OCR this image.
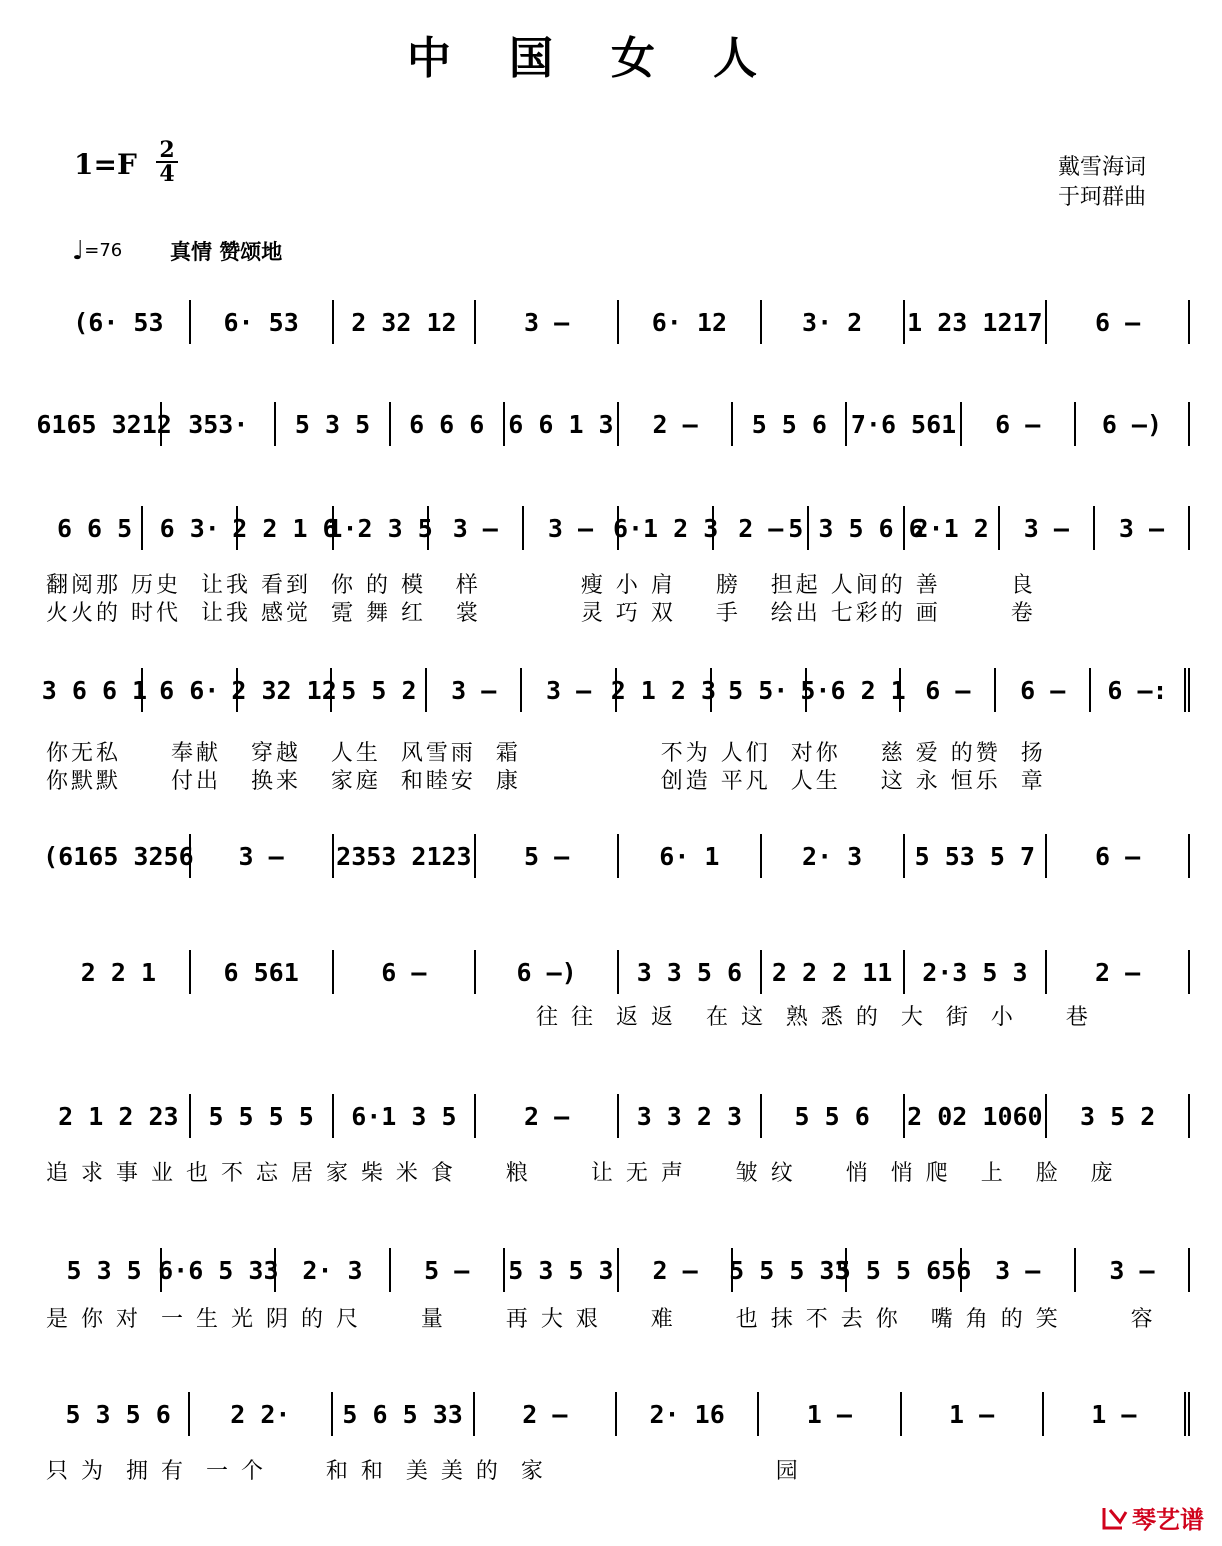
中国女人
1=F 2
4	戴雪海词
于珂群曲
♩=76 真情 赞颂地
(6· 53 6· 53 2 32 12	3 –	6· 12	3· 2 1 23 1217 6 –
6165 3212 353· 5 3 5 6 6 6 6 6 1 3 2 – 5 5 6 7·6 561 6 – 6 –)
6 6 5 6 3· 2 2 1 6
1·2 3 5 3 – 3 – 6·1 2 3 2 – 5 3 5 6 6
2·1 2 3 – 3 –
翻阅那 历史  让我 看到  你 的 模   样          瘦 小 肩    膀   担起 人间的 善       良
火火的 时代  让我 感觉  霓 舞 红   裳          灵 巧 双    手   绘出 七彩的 画       卷
3 6 6 1 6 6· 2 32 12 5 5 2 3 – 3 – 2 1 2 3 5 5· 5·6 2 1 6 – 6 – 6 –:
你无私     奉献   穿越   人生  风雪雨  霜              不为 人们  对你    慈 爱 的赞  扬
你默默     付出   换来   家庭  和睦安  康              创造 平凡  人生    这 永 恒乐  章
(6165 3256 3 – 2353 2123 5 –	6· 1	2· 3 5 53 5 7 6 –
2 2 1	6 561	6 –	6 –) 3 3 5 6 2 2 2 11 2·3 5 3	2 –
往 往  返 返   在 这  熟 悉 的  大  街  小     巷
2 1 2 23 5 5 5 5 6·1 3 5	2 –	3 3 2 3 5 5 6 2 02 1060 3 5 2
追 求 事 业 也 不 忘 居 家 柴 米 食     粮      让 无 声     皱 纹     悄  悄 爬   上   脸   庞
5 3 5 6·6 5 33 2· 3 5 – 5 3 5 3 2 – 5 5 5 33
5 5 5 656 3 –	3 –
是 你 对  一 生 光 阴 的 尺      量      再 大 艰     难      也 抹 不 去 你   嘴 角 的 笑       容
5 3 5 6 2 2· 5 6 5 33 2 –	2· 16	1 –	1 –	1 –
只 为  拥 有  一 个      和 和  美 美 的  家                       园
琴艺谱
